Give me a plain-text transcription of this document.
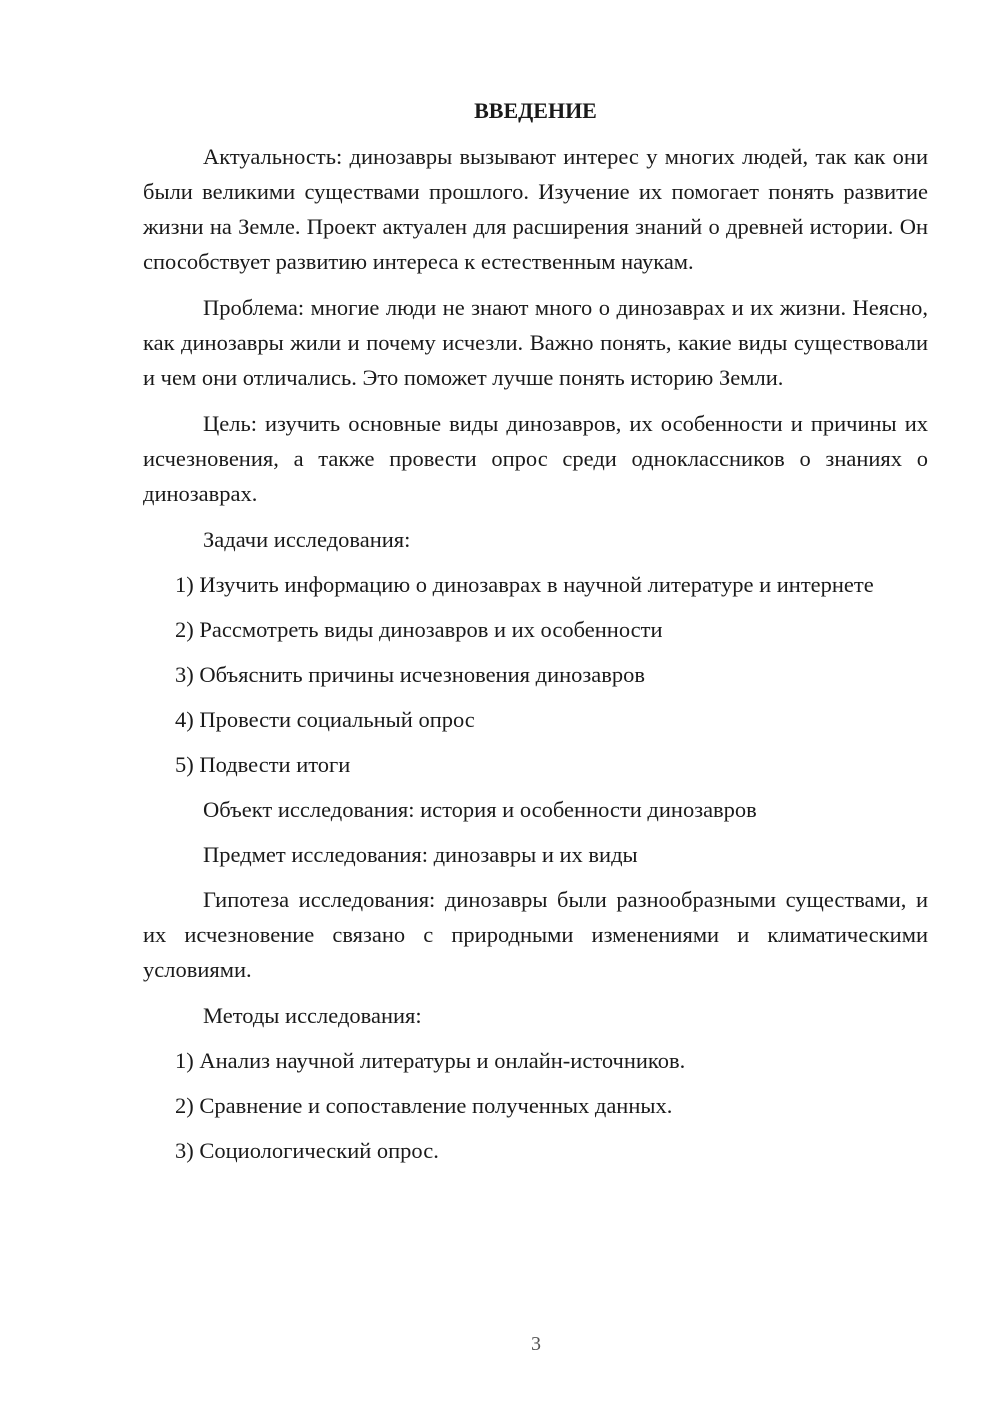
ВВЕДЕНИЕ

Актуальность: динозавры вызывают интерес у многих людей, так как они были великими существами прошлого. Изучение их помогает понять развитие жизни на Земле. Проект актуален для расширения знаний о древней истории. Он способствует развитию интереса к естественным наукам.

Проблема: многие люди не знают много о динозаврах и их жизни. Неясно, как динозавры жили и почему исчезли. Важно понять, какие виды существовали и чем они отличались. Это поможет лучше понять историю Земли.

Цель: изучить основные виды динозавров, их особенности и причины их исчезновения, а также провести опрос среди одноклассников о знаниях о динозаврах.

Задачи исследования:

1) Изучить информацию о динозаврах в научной литературе и интернете

2) Рассмотреть виды динозавров и их особенности

3) Объяснить причины исчезновения динозавров

4) Провести социальный опрос

5) Подвести итоги

Объект исследования: история и особенности динозавров
Предмет исследования: динозавры и их виды

Гипотеза исследования: динозавры были разнообразными существами, и их исчезновение связано с природными изменениями и климатическими условиями.

Методы исследования:

1) Анализ научной литературы и онлайн-источников.

2) Сравнение и сопоставление полученных данных.

3) Социологический опрос.

3
